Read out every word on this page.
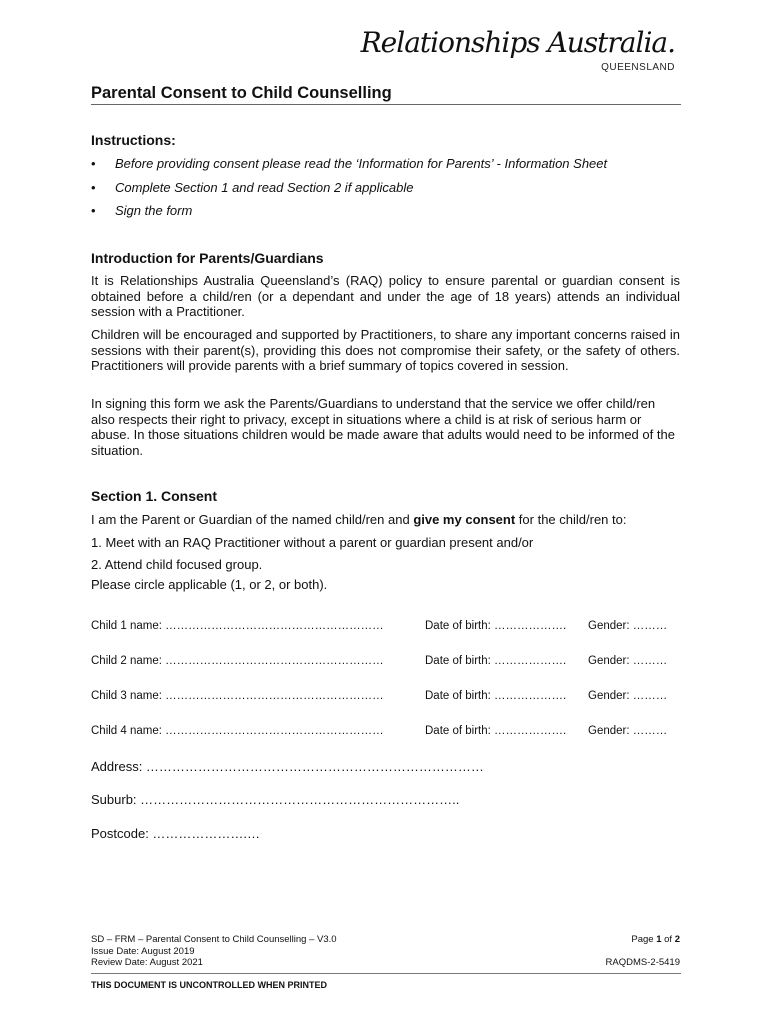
Relationships Australia.
QUEENSLAND
Parental Consent to Child Counselling
Instructions:
• Before providing consent please read the ‘Information for Parents’ - Information Sheet
• Complete Section 1 and read Section 2 if applicable
• Sign the form
Introduction for Parents/Guardians
It is Relationships Australia Queensland’s (RAQ) policy to ensure parental or guardian consent is obtained before a child/ren (or a dependant and under the age of 18 years) attends an individual session with a Practitioner.
Children will be encouraged and supported by Practitioners, to share any important concerns raised in sessions with their parent(s), providing this does not compromise their safety, or the safety of others. Practitioners will provide parents with a brief summary of topics covered in session.
In signing this form we ask the Parents/Guardians to understand that the service we offer child/ren also respects their right to privacy, except in situations where a child is at risk of serious harm or abuse. In those situations children would be made aware that adults would need to be informed of the situation.
Section 1. Consent
I am the Parent or Guardian of the named child/ren and give my consent for the child/ren to:
1. Meet with an RAQ Practitioner without a parent or guardian present and/or
2. Attend child focused group.
Please circle applicable (1, or 2, or both).
Child 1 name: …………………………………………………	Date of birth: ………………. Gender: ………
Child 2 name: …………………………………………………	Date of birth: ………………. Gender: ………
Child 3 name: …………………………………………………	Date of birth: ………………. Gender: ………
Child 4 name: …………………………………………………	Date of birth: ………………. Gender: ………
Address: ……………………………………………………………………
Suburb: ………………………………………………………………..
Postcode: ………………….…
SD – FRM – Parental Consent to Child Counselling – V3.0
Issue Date: August 2019
Review Date: August 2021
Page 1 of 2
RAQDMS-2-5419
THIS DOCUMENT IS UNCONTROLLED WHEN PRINTED
